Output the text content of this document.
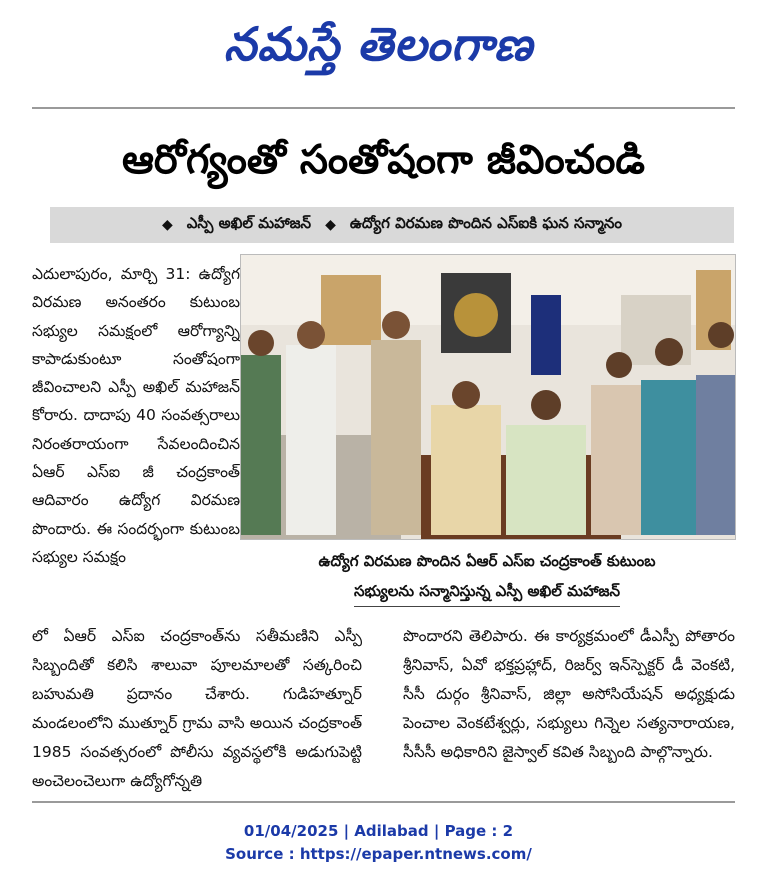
నమస్తే తెలంగాణ
ఆరోగ్యంతో సంతోషంగా జీవించండి
◆ ఎస్పీ అఖిల్ మహాజన్ ◆ ఉద్యోగ విరమణ పొందిన ఎస్ఐకి ఘన సన్మానం

ఎదులాపురం, మార్చి 31: ఉద్యోగ విరమణ అనంతరం కుటుంబ సభ్యుల సమక్షంలో ఆరోగ్యాన్ని కాపాడుకుంటూ సంతోషంగా జీవించాలని ఎస్పీ అఖిల్ మహాజన్ కోరారు. దాదాపు 40 సంవత్సరాలు నిరంతరాయంగా సేవలందించిన ఏఆర్ ఎస్ఐ జీ చంద్రకాంత్ ఆదివారం ఉద్యోగ విరమణ పొందారు. ఈ సందర్భంగా కుటుంబ సభ్యుల సమక్షం	ఉద్యోగ విరమణ పొందిన ఏఆర్ ఎస్ఐ చంద్రకాంత్ కుటుంబ
సభ్యులను సన్మానిస్తున్న ఎస్పీ అఖిల్ మహాజన్

లో ఏఆర్ ఎస్ఐ చంద్రకాంత్‌ను సతీమణిని ఎస్పీ సిబ్బందితో కలిసి శాలువా పూలమాలతో సత్కరించి బహుమతి ప్రదానం చేశారు. గుడిహత్నూర్ మండలంలోని ముత్నూర్ గ్రామ వాసి అయిన చంద్రకాంత్ 1985 సంవత్సరంలో పోలీసు వ్యవస్థలోకి అడుగుపెట్టి అంచెలంచెలుగా ఉద్యోగోన్నతి

పొందారని తెలిపారు. ఈ కార్యక్రమంలో డీఎస్పీ పోతారం శ్రీనివాస్, ఏవో భక్తప్రహ్లాద్, రిజర్వ్ ఇన్‌స్పెక్టర్ డీ వెంకటి, సీసీ దుర్గం శ్రీనివాస్, జిల్లా అసోసియేషన్ అధ్యక్షుడు పెంచాల వెంకటేశ్వర్లు, సభ్యులు గిన్నెల సత్యనారాయణ, సీసీసీ అధికారిని జైస్వాల్ కవిత సిబ్బంది పాల్గొన్నారు.

01/04/2025 | Adilabad | Page : 2
Source : https://epaper.ntnews.com/
